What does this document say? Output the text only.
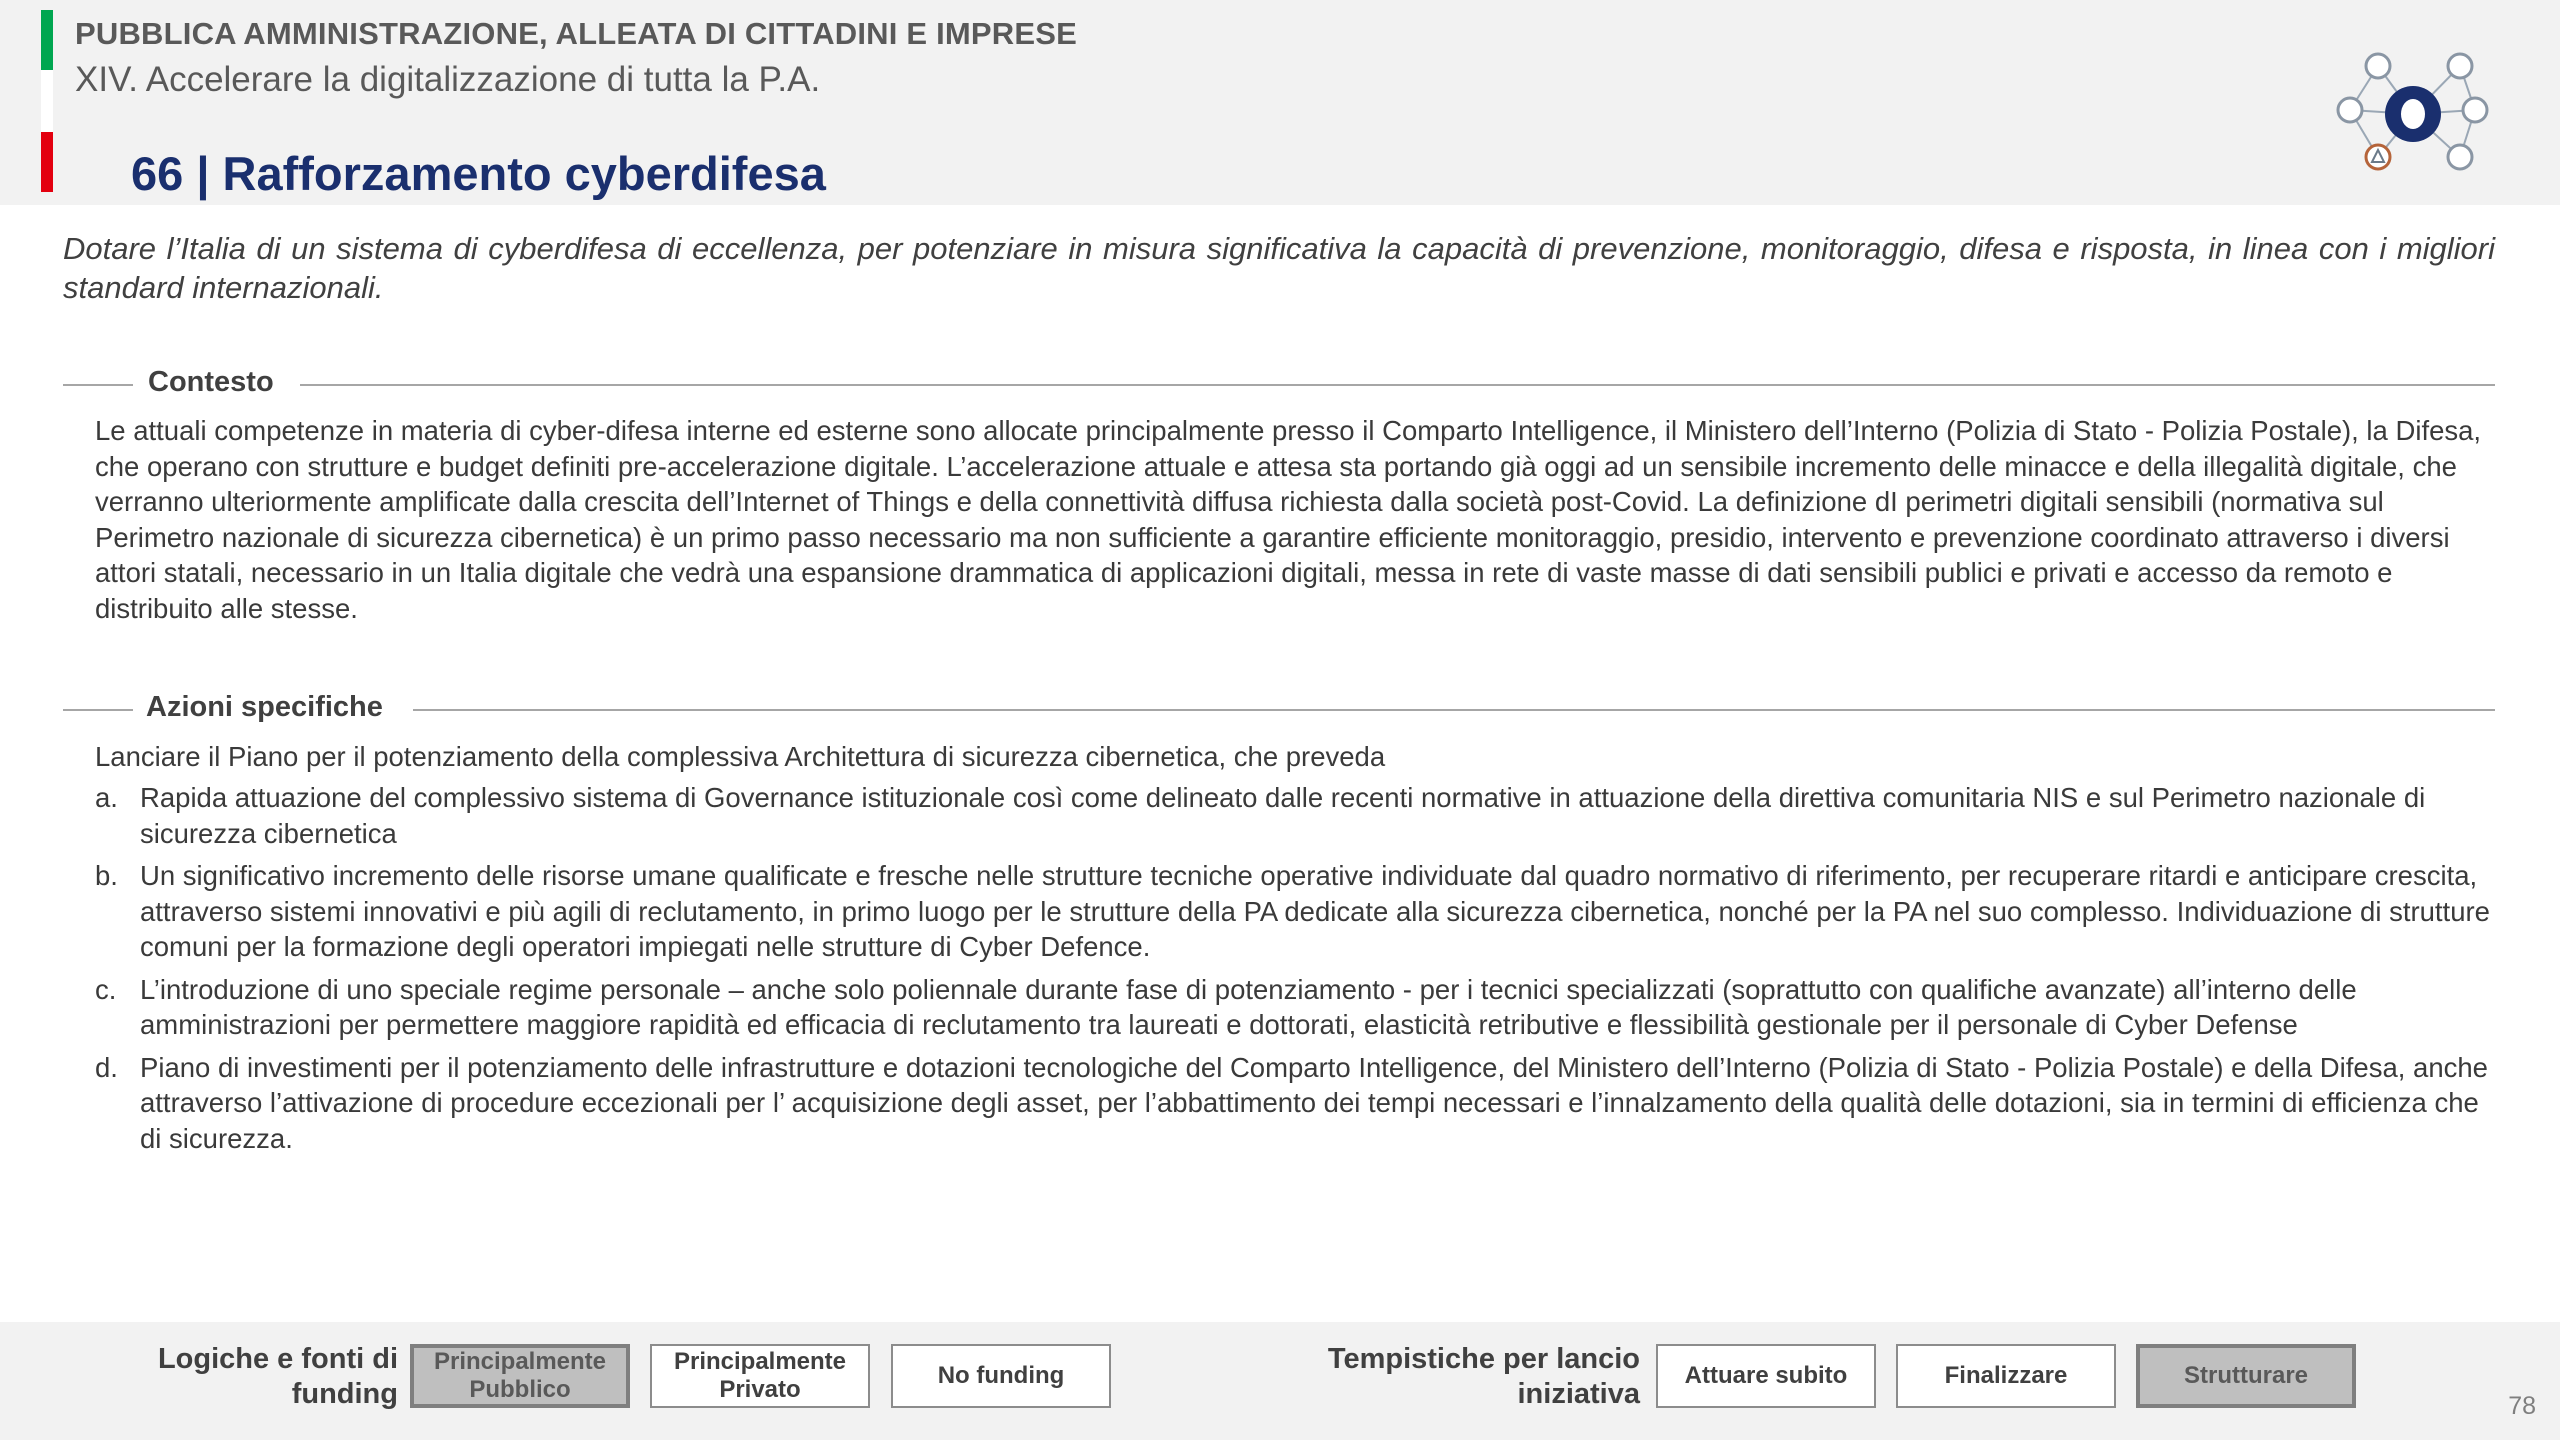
PUBBLICA AMMINISTRAZIONE, ALLEATA DI CITTADINI E IMPRESE
XIV. Accelerare la digitalizzazione di tutta la P.A.
66 | Rafforzamento cyberdifesa
Dotare l’Italia di un sistema di cyberdifesa di eccellenza, per potenziare in misura significativa la capacità di prevenzione, monitoraggio, difesa e risposta, in linea con i migliori standard internazionali.
Contesto
Le attuali competenze in materia di cyber-difesa interne ed esterne sono allocate principalmente presso il Comparto Intelligence, il Ministero dell’Interno (Polizia di Stato - Polizia Postale), la Difesa, che operano con strutture e budget definiti pre-accelerazione digitale. L’accelerazione attuale e attesa sta portando già oggi ad un sensibile incremento delle minacce e della illegalità digitale, che verranno ulteriormente amplificate dalla crescita dell’Internet of Things e della connettività diffusa richiesta dalla società post-Covid. La definizione dI perimetri digitali sensibili (normativa sul Perimetro nazionale di sicurezza cibernetica) è un primo passo necessario ma non sufficiente a garantire efficiente monitoraggio, presidio, intervento e prevenzione coordinato attraverso i diversi attori statali, necessario in un Italia digitale che vedrà una espansione drammatica di applicazioni digitali, messa in rete di vaste masse di dati sensibili publici e privati e accesso da remoto e distribuito alle stesse.
Azioni specifiche
Lanciare il Piano per il potenziamento della complessiva Architettura di sicurezza cibernetica, che preveda
a. Rapida attuazione del complessivo sistema di Governance istituzionale così come delineato dalle recenti normative in attuazione della direttiva comunitaria NIS e sul Perimetro nazionale di sicurezza cibernetica
b. Un significativo incremento delle risorse umane qualificate e fresche nelle strutture tecniche operative individuate dal quadro normativo di riferimento, per recuperare ritardi e anticipare crescita, attraverso sistemi innovativi e più agili di reclutamento, in primo luogo per le strutture della PA dedicate alla sicurezza cibernetica, nonché per la PA nel suo complesso. Individuazione di strutture comuni per la formazione degli operatori impiegati nelle strutture di Cyber Defence.
c. L’introduzione di uno speciale regime personale – anche solo poliennale durante fase di potenziamento - per i tecnici specializzati (soprattutto con qualifiche avanzate) all’interno delle amministrazioni per permettere maggiore rapidità ed efficacia di reclutamento tra laureati e dottorati, elasticità retributive e flessibilità gestionale per il personale di Cyber Defense
d. Piano di investimenti per il potenziamento delle infrastrutture e dotazioni tecnologiche del Comparto Intelligence, del Ministero dell’Interno (Polizia di Stato - Polizia Postale) e della Difesa, anche attraverso l’attivazione di procedure eccezionali per l’ acquisizione degli asset, per l’abbattimento dei tempi necessari e l’innalzamento della qualità delle dotazioni, sia in termini di efficienza che di sicurezza.
Logiche e fonti di
funding
Principalmente
Pubblico
Principalmente
Privato
No funding
Tempistiche per lancio
iniziativa
Attuare subito	Finalizzare	Strutturare
78
